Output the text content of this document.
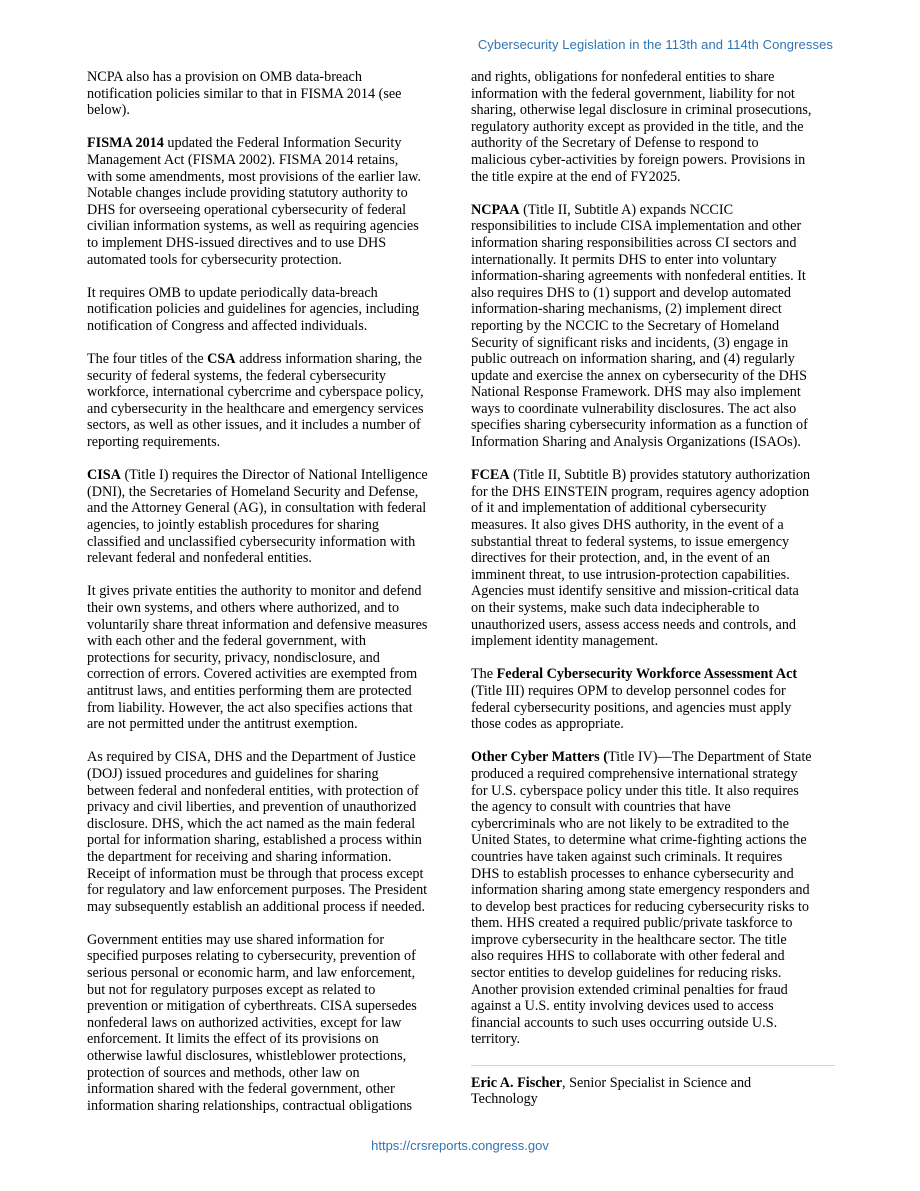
Cybersecurity Legislation in the 113th and 114th Congresses

NCPA also has a provision on OMB data-breach
notification policies similar to that in FISMA 2014 (see
below).

FISMA 2014 updated the Federal Information Security
Management Act (FISMA 2002). FISMA 2014 retains,
with some amendments, most provisions of the earlier law.
Notable changes include providing statutory authority to
DHS for overseeing operational cybersecurity of federal
civilian information systems, as well as requiring agencies
to implement DHS-issued directives and to use DHS
automated tools for cybersecurity protection.

It requires OMB to update periodically data-breach
notification policies and guidelines for agencies, including
notification of Congress and affected individuals.

The four titles of the CSA address information sharing, the
security of federal systems, the federal cybersecurity
workforce, international cybercrime and cyberspace policy,
and cybersecurity in the healthcare and emergency services
sectors, as well as other issues, and it includes a number of
reporting requirements.

CISA (Title I) requires the Director of National Intelligence
(DNI), the Secretaries of Homeland Security and Defense,
and the Attorney General (AG), in consultation with federal
agencies, to jointly establish procedures for sharing
classified and unclassified cybersecurity information with
relevant federal and nonfederal entities.

It gives private entities the authority to monitor and defend
their own systems, and others where authorized, and to
voluntarily share threat information and defensive measures
with each other and the federal government, with
protections for security, privacy, nondisclosure, and
correction of errors. Covered activities are exempted from
antitrust laws, and entities performing them are protected
from liability. However, the act also specifies actions that
are not permitted under the antitrust exemption.

As required by CISA, DHS and the Department of Justice
(DOJ) issued procedures and guidelines for sharing
between federal and nonfederal entities, with protection of
privacy and civil liberties, and prevention of unauthorized
disclosure. DHS, which the act named as the main federal
portal for information sharing, established a process within
the department for receiving and sharing information.
Receipt of information must be through that process except
for regulatory and law enforcement purposes. The President
may subsequently establish an additional process if needed.

Government entities may use shared information for
specified purposes relating to cybersecurity, prevention of
serious personal or economic harm, and law enforcement,
but not for regulatory purposes except as related to
prevention or mitigation of cyberthreats. CISA supersedes
nonfederal laws on authorized activities, except for law
enforcement. It limits the effect of its provisions on
otherwise lawful disclosures, whistleblower protections,
protection of sources and methods, other law on
information shared with the federal government, other
information sharing relationships, contractual obligations

and rights, obligations for nonfederal entities to share
information with the federal government, liability for not
sharing, otherwise legal disclosure in criminal prosecutions,
regulatory authority except as provided in the title, and the
authority of the Secretary of Defense to respond to
malicious cyber-activities by foreign powers. Provisions in
the title expire at the end of FY2025.

NCPAA (Title II, Subtitle A) expands NCCIC
responsibilities to include CISA implementation and other
information sharing responsibilities across CI sectors and
internationally. It permits DHS to enter into voluntary
information-sharing agreements with nonfederal entities. It
also requires DHS to (1) support and develop automated
information-sharing mechanisms, (2) implement direct
reporting by the NCCIC to the Secretary of Homeland
Security of significant risks and incidents, (3) engage in
public outreach on information sharing, and (4) regularly
update and exercise the annex on cybersecurity of the DHS
National Response Framework. DHS may also implement
ways to coordinate vulnerability disclosures. The act also
specifies sharing cybersecurity information as a function of
Information Sharing and Analysis Organizations (ISAOs).

FCEA (Title II, Subtitle B) provides statutory authorization
for the DHS EINSTEIN program, requires agency adoption
of it and implementation of additional cybersecurity
measures. It also gives DHS authority, in the event of a
substantial threat to federal systems, to issue emergency
directives for their protection, and, in the event of an
imminent threat, to use intrusion-protection capabilities.
Agencies must identify sensitive and mission-critical data
on their systems, make such data indecipherable to
unauthorized users, assess access needs and controls, and
implement identity management.

The Federal Cybersecurity Workforce Assessment Act
(Title III) requires OPM to develop personnel codes for
federal cybersecurity positions, and agencies must apply
those codes as appropriate.

Other Cyber Matters (Title IV)—The Department of State
produced a required comprehensive international strategy
for U.S. cyberspace policy under this title. It also requires
the agency to consult with countries that have
cybercriminals who are not likely to be extradited to the
United States, to determine what crime-fighting actions the
countries have taken against such criminals. It requires
DHS to establish processes to enhance cybersecurity and
information sharing among state emergency responders and
to develop best practices for reducing cybersecurity risks to
them. HHS created a required public/private taskforce to
improve cybersecurity in the healthcare sector. The title
also requires HHS to collaborate with other federal and
sector entities to develop guidelines for reducing risks.
Another provision extended criminal penalties for fraud
against a U.S. entity involving devices used to access
financial accounts to such uses occurring outside U.S.
territory.

Eric A. Fischer, Senior Specialist in Science and
Technology

https://crsreports.congress.gov
